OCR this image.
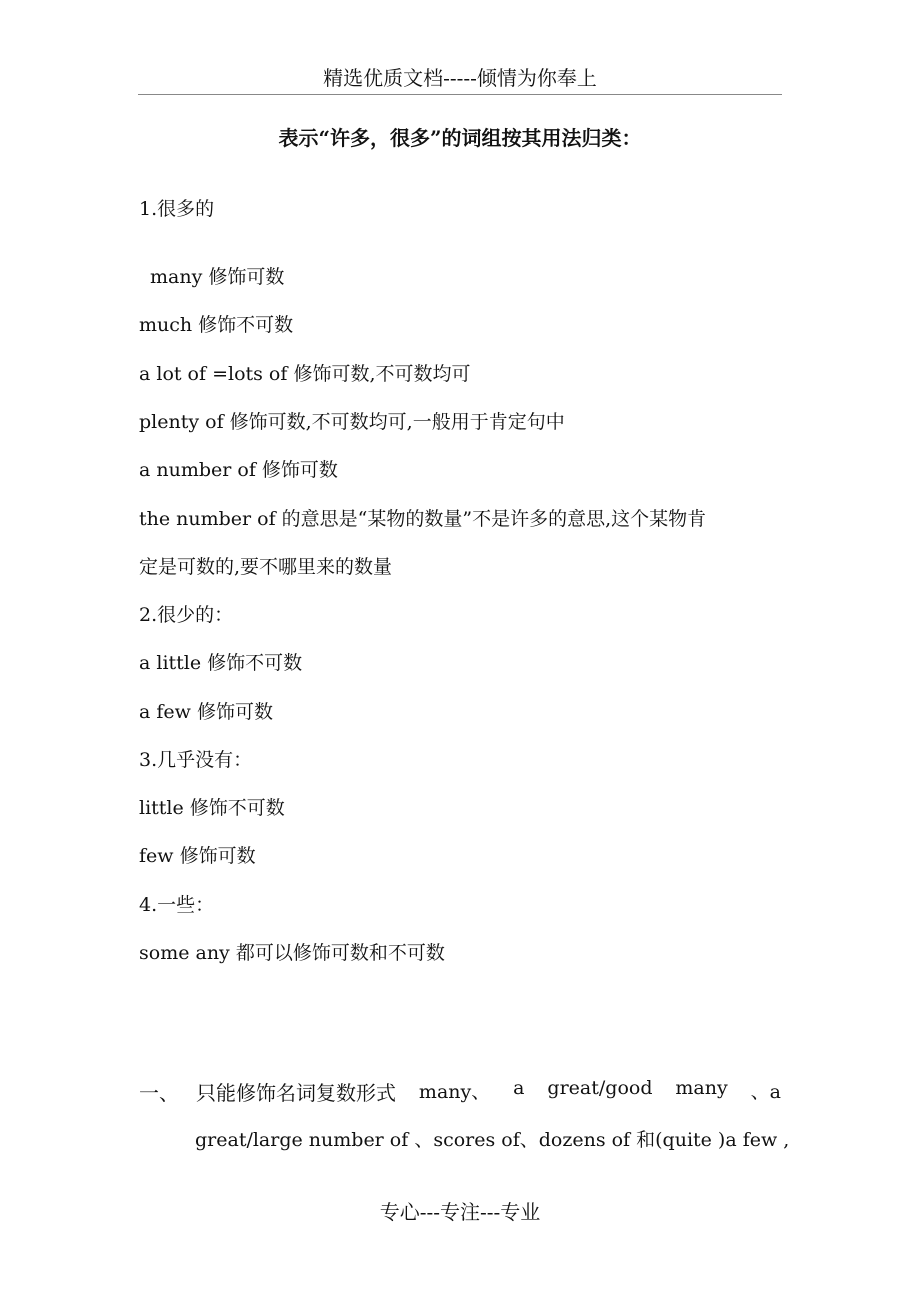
精选优质文档-----倾情为你奉上
表示“许多，很多”的词组按其用法归类：
1.很多的
many 修饰可数
much 修饰不可数
a lot of =lots of 修饰可数,不可数均可
plenty of 修饰可数,不可数均可,一般用于肯定句中
a number of 修饰可数
the number of 的意思是“某物的数量”不是许多的意思,这个某物肯
定是可数的,要不哪里来的数量
2.很少的：
a little 修饰不可数
a few 修饰可数
3.几乎没有：
little 修饰不可数
few 修饰可数
4.一些：
some any 都可以修饰可数和不可数
一、 只能修饰名词复数形式 many、 a great/good many 、a
great/large number of 、scores of、dozens of 和(quite )a few ,
专心---专注---专业
